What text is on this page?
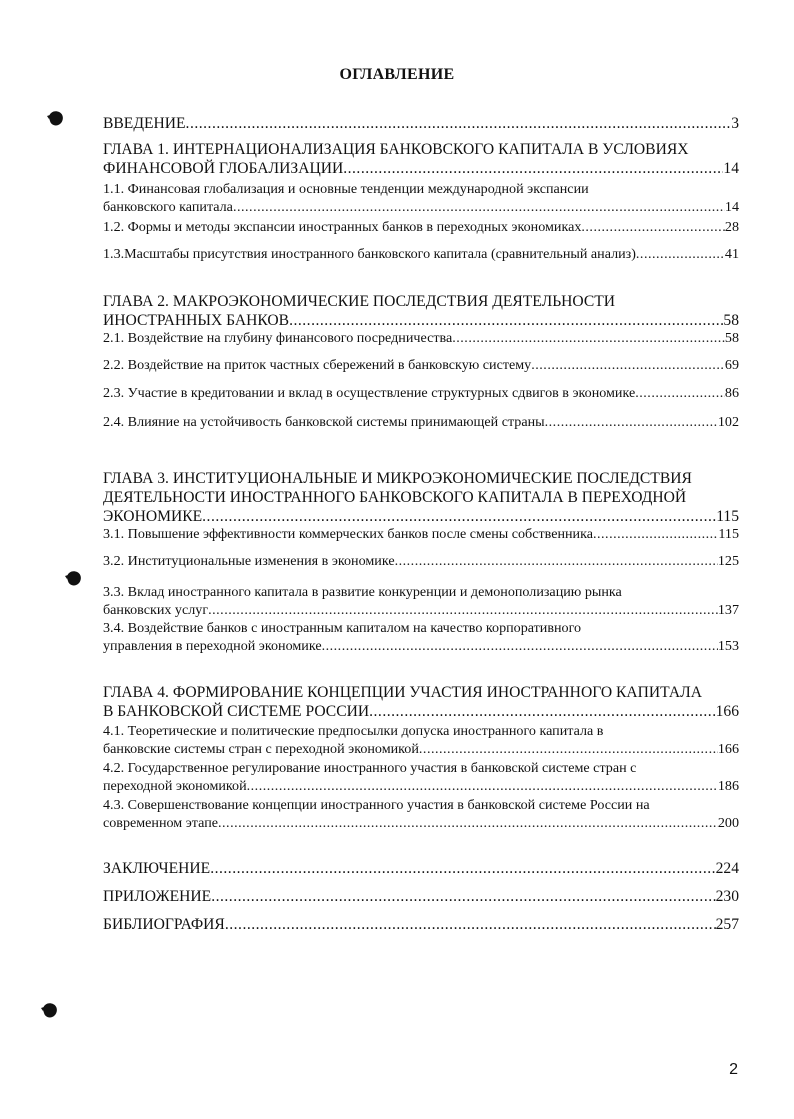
ОГЛАВЛЕНИЕ
ВВЕДЕНИЕ .....	3
ГЛАВА 1. ИНТЕРНАЦИОНАЛИЗАЦИЯ БАНКОВСКОГО КАПИТАЛА В УСЛОВИЯХ
ФИНАНСОВОЙ ГЛОБАЛИЗАЦИИ .....	14
1.1. Финансовая глобализация и основные тенденции международной экспансии
банковского капитала .....	14
1.2. Формы и методы экспансии иностранных банков в переходных экономиках .....	28
1.3.Масштабы присутствия иностранного банковского капитала (сравнительный анализ) .....	41
ГЛАВА 2. МАКРОЭКОНОМИЧЕСКИЕ ПОСЛЕДСТВИЯ ДЕЯТЕЛЬНОСТИ
ИНОСТРАННЫХ БАНКОВ .....	58
2.1. Воздействие на глубину финансового посредничества .....	58
2.2. Воздействие на приток частных сбережений в банковскую систему .....	69
2.3. Участие в кредитовании и вклад в осуществление структурных сдвигов в экономике .....	86
2.4. Влияние на устойчивость банковской системы принимающей страны .....	102
ГЛАВА 3. ИНСТИТУЦИОНАЛЬНЫЕ И МИКРОЭКОНОМИЧЕСКИЕ ПОСЛЕДСТВИЯ
ДЕЯТЕЛЬНОСТИ ИНОСТРАННОГО БАНКОВСКОГО КАПИТАЛА В ПЕРЕХОДНОЙ
ЭКОНОМИКЕ .....	115
3.1. Повышение эффективности коммерческих банков после смены собственника .....	115
3.2. Институциональные изменения в экономике .....	125
3.3. Вклад иностранного капитала в развитие конкуренции и демонополизацию рынка
банковских услуг .....	137
3.4. Воздействие банков с иностранным капиталом на качество корпоративного
управления в переходной экономике .....	153
ГЛАВА 4. ФОРМИРОВАНИЕ КОНЦЕПЦИИ УЧАСТИЯ ИНОСТРАННОГО КАПИТАЛА
В БАНКОВСКОЙ СИСТЕМЕ РОССИИ .....	166
4.1. Теоретические и политические предпосылки допуска иностранного капитала в
банковские системы стран с переходной экономикой .....	166
4.2. Государственное регулирование иностранного участия в банковской системе стран с
переходной экономикой .....	186
4.3. Совершенствование концепции иностранного участия в банковской системе России на
современном этапе .....	200
ЗАКЛЮЧЕНИЕ .....	224
ПРИЛОЖЕНИЕ .....	230
БИБЛИОГРАФИЯ .....	257
2
